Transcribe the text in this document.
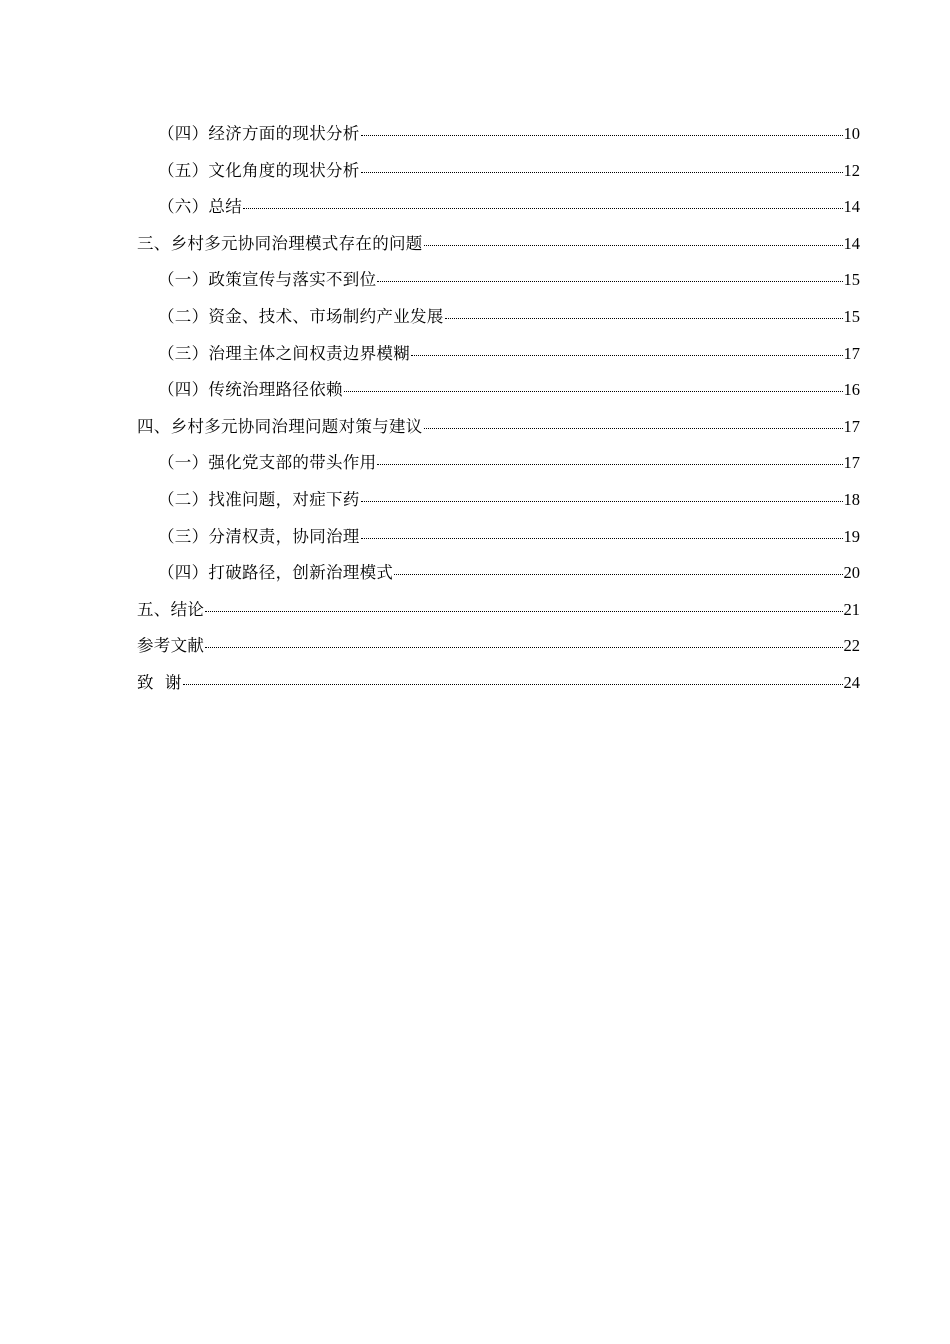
（四）经济方面的现状分析	10
（五）文化角度的现状分析	12
（六）总结	14
三、乡村多元协同治理模式存在的问题	14
（一）政策宣传与落实不到位	15
（二）资金、技术、市场制约产业发展	15
（三）治理主体之间权责边界模糊	17
（四）传统治理路径依赖	16
四、乡村多元协同治理问题对策与建议	17
（一）强化党支部的带头作用	17
（二）找准问题，对症下药	18
（三）分清权责，协同治理	19
（四）打破路径，创新治理模式	20
五、结论	21
参考文献	22
致  谢	24
